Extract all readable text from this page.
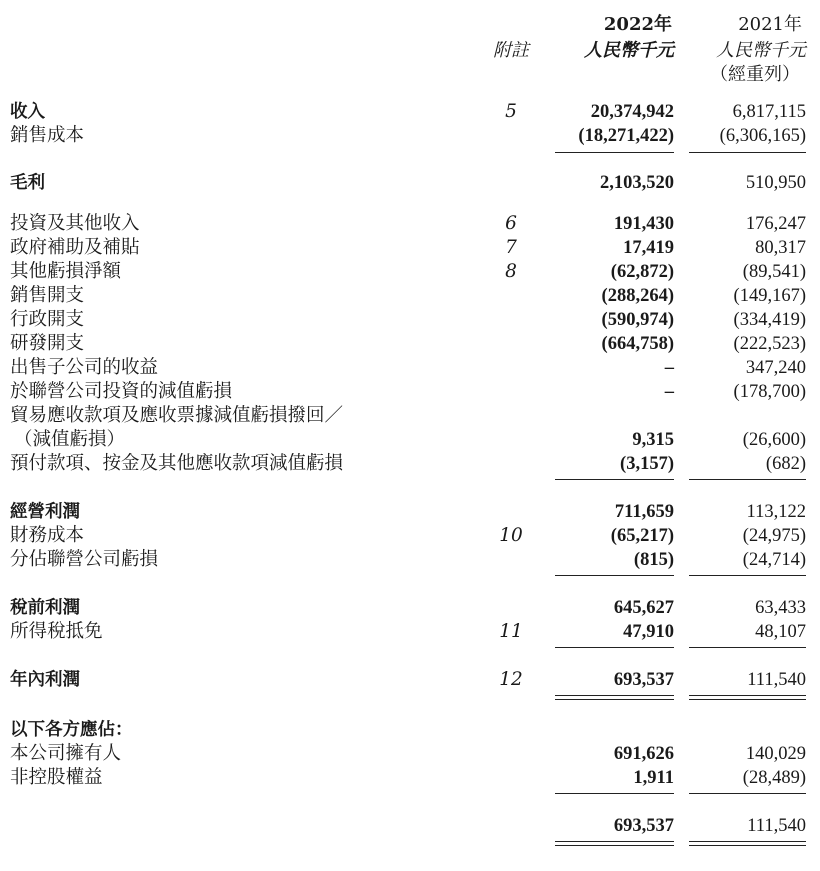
2022年	2021年
附註	人民幣千元	人民幣千元
（經重列）
收入	5	20,374,942	6,817,115
銷售成本	(18,271,422)	(6,306,165)
毛利	2,103,520	510,950
投資及其他收入	6	191,430	176,247
政府補助及補貼	7	17,419	80,317
其他虧損淨額	8	(62,872)	(89,541)
銷售開支	(288,264)	(149,167)
行政開支	(590,974)	(334,419)
研發開支	(664,758)	(222,523)
出售子公司的收益	–	347,240
於聯營公司投資的減值虧損	–	(178,700)
貿易應收款項及應收票據減值虧損撥回／
（減值虧損）	9,315	(26,600)
預付款項、按金及其他應收款項減值虧損	(3,157)	(682)
經營利潤	711,659	113,122
財務成本	10	(65,217)	(24,975)
分佔聯營公司虧損	(815)	(24,714)
稅前利潤	645,627	63,433
所得稅抵免	11	47,910	48,107
年內利潤	12	693,537	111,540
以下各方應佔：
本公司擁有人	691,626	140,029
非控股權益	1,911	(28,489)
693,537	111,540
